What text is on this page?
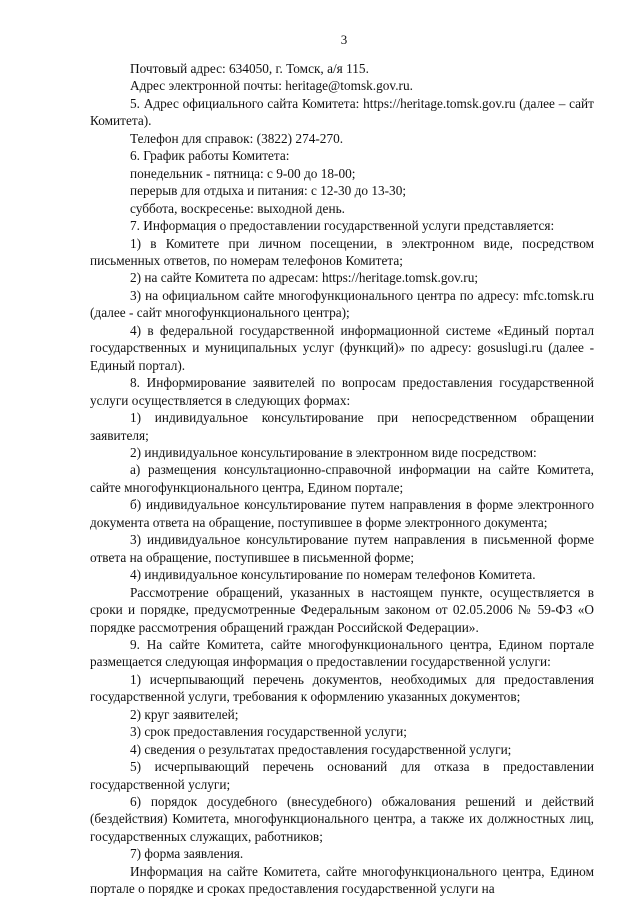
3

Почтовый адрес: 634050, г. Томск, а/я 115.

Адрес электронной почты: heritage@tomsk.gov.ru.

5. Адрес официального сайта Комитета: https://heritage.tomsk.gov.ru (далее – сайт Комитета).

Телефон для справок: (3822) 274-270.

6. График работы Комитета:

понедельник - пятница: с 9-00 до 18-00;

перерыв для отдыха и питания: с 12-30 до 13-30;

суббота, воскресенье: выходной день.

7. Информация о предоставлении государственной услуги представляется:

1) в Комитете при личном посещении, в электронном виде, посредством письменных ответов, по номерам телефонов Комитета;

2) на сайте Комитета по адресам: https://heritage.tomsk.gov.ru;

3) на официальном сайте многофункционального центра по адресу: mfc.tomsk.ru (далее - сайт многофункционального центра);

4) в федеральной государственной информационной системе «Единый портал государственных и муниципальных услуг (функций)» по адресу: gosuslugi.ru (далее - Единый портал).

8. Информирование заявителей по вопросам предоставления государственной услуги осуществляется в следующих формах:

1) индивидуальное консультирование при непосредственном обращении заявителя;

2) индивидуальное консультирование в электронном виде посредством:

а) размещения консультационно-справочной информации на сайте Комитета, сайте многофункционального центра, Едином портале;

б) индивидуальное консультирование путем направления в форме электронного документа ответа на обращение, поступившее в форме электронного документа;

3) индивидуальное консультирование путем направления в письменной форме ответа на обращение, поступившее в письменной форме;

4) индивидуальное консультирование по номерам телефонов Комитета.

Рассмотрение обращений, указанных в настоящем пункте, осуществляется в сроки и порядке, предусмотренные Федеральным законом от 02.05.2006 № 59-ФЗ «О порядке рассмотрения обращений граждан Российской Федерации».

9. На сайте Комитета, сайте многофункционального центра, Едином портале размещается следующая информация о предоставлении государственной услуги:

1) исчерпывающий перечень документов, необходимых для предоставления государственной услуги, требования к оформлению указанных документов;

2) круг заявителей;

3) срок предоставления государственной услуги;

4) сведения о результатах предоставления государственной услуги;

5) исчерпывающий перечень оснований для отказа в предоставлении государственной услуги;

6) порядок досудебного (внесудебного) обжалования решений и действий (бездействия) Комитета, многофункционального центра, а также их должностных лиц, государственных служащих, работников;

7) форма заявления.

Информация на сайте Комитета, сайте многофункционального центра, Едином портале о порядке и сроках предоставления государственной услуги на
